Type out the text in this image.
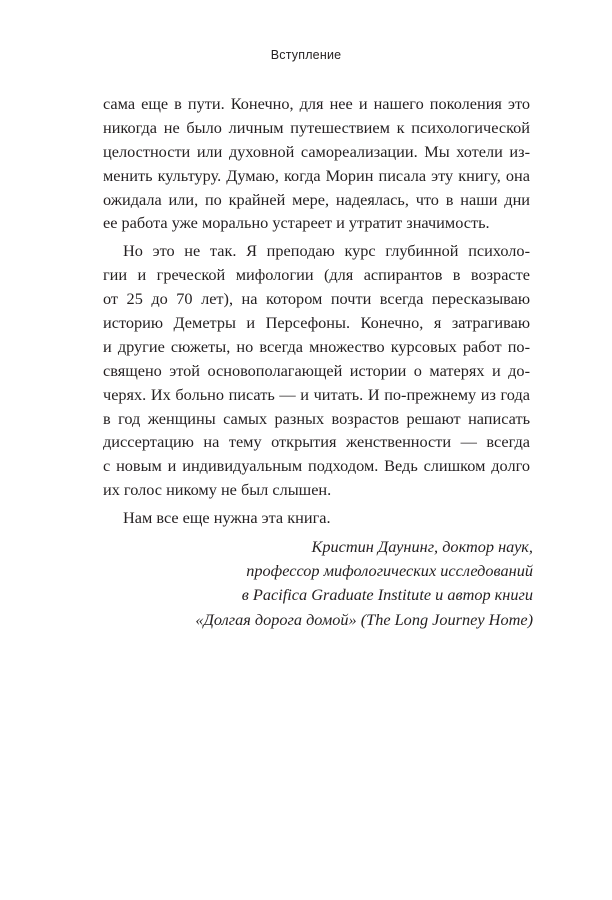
Вступление
сама еще в пути. Конечно, для нее и нашего поколения это
никогда не было личным путешествием к психологической
целостности или духовной самореализации. Мы хотели из-
менить культуру. Думаю, когда Морин писала эту книгу, она
ожидала или, по крайней мере, надеялась, что в наши дни
ее работа уже морально устареет и утратит значимость.
Но это не так. Я преподаю курс глубинной психоло-
гии и греческой мифологии (для аспирантов в возрасте
от 25 до 70 лет), на котором почти всегда пересказываю
историю Деметры и Персефоны. Конечно, я затрагиваю
и другие сюжеты, но всегда множество курсовых работ по-
священо этой основополагающей истории о матерях и до-
черях. Их больно писать — и читать. И по-прежнему из года
в год женщины самых разных возрастов решают написать
диссертацию на тему открытия женственности — всегда
с новым и индивидуальным подходом. Ведь слишком долго
их голос никому не был слышен.
Нам все еще нужна эта книга.
Кристин Даунинг, доктор наук,
профессор мифологических исследований
в Pacifica Graduate Institute и автор книги
«Долгая дорога домой» (The Long Journey Home)
